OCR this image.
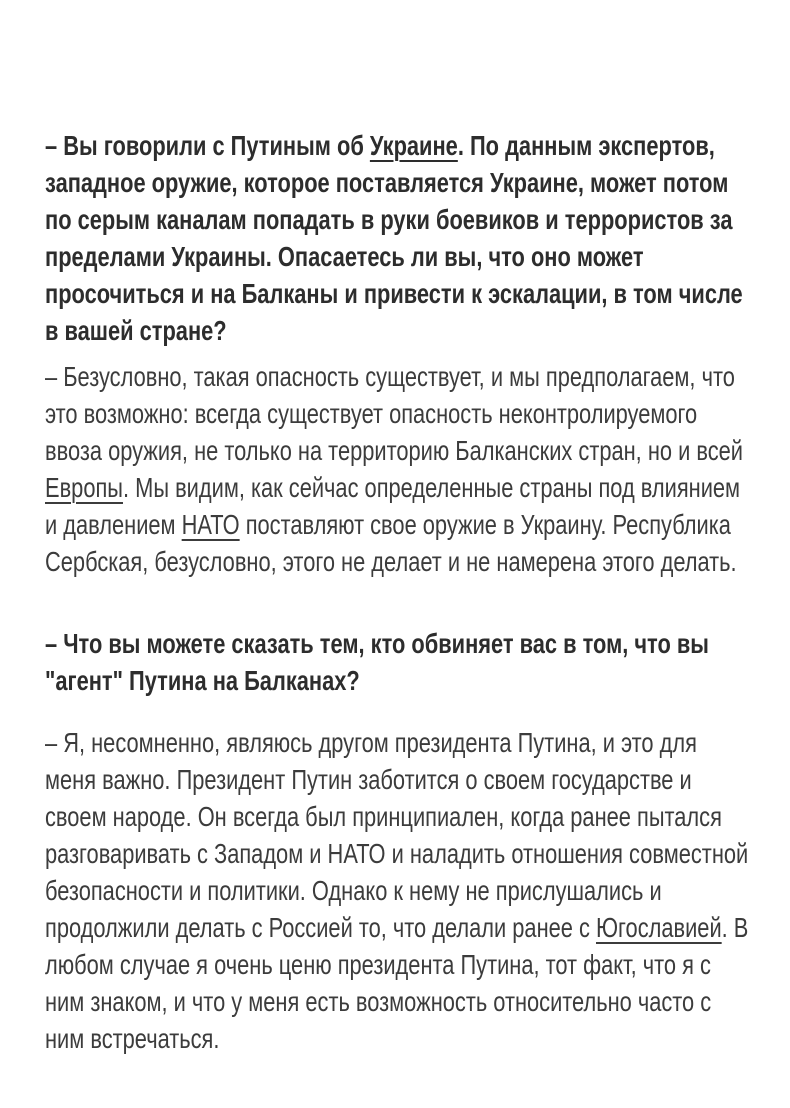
– Вы говорили с Путиным об Украине. По данным экспертов, западное оружие, которое поставляется Украине, может потом по серым каналам попадать в руки боевиков и террористов за пределами Украины. Опасаетесь ли вы, что оно может просочиться и на Балканы и привести к эскалации, в том числе в вашей стране?

– Безусловно, такая опасность существует, и мы предполагаем, что это возможно: всегда существует опасность неконтролируемого ввоза оружия, не только на территорию Балканских стран, но и всей Европы. Мы видим, как сейчас определенные страны под влиянием и давлением НАТО поставляют свое оружие в Украину. Республика Сербская, безусловно, этого не делает и не намерена этого делать.

– Что вы можете сказать тем, кто обвиняет вас в том, что вы "агент" Путина на Балканах?

– Я, несомненно, являюсь другом президента Путина, и это для меня важно. Президент Путин заботится о своем государстве и своем народе. Он всегда был принципиален, когда ранее пытался разговаривать с Западом и НАТО и наладить отношения совместной безопасности и политики. Однако к нему не прислушались и продолжили делать с Россией то, что делали ранее с Югославией. В любом случае я очень ценю президента Путина, тот факт, что я с ним знаком, и что у меня есть возможность относительно часто с ним встречаться.
